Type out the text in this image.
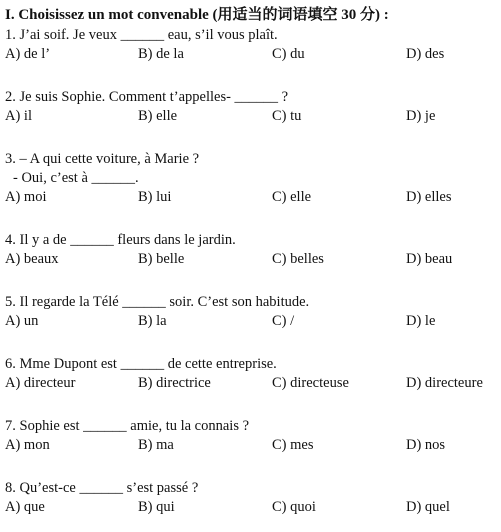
I. Choisissez un mot convenable (用适当的词语填空 30 分) :
1. J’ai soif. Je veux ______ eau, s’il vous plaît.
A) de l’	B) de la	C) du	D) des
2. Je suis Sophie. Comment t’appelles- ______ ?
A) il	B) elle	C) tu	D) je
3. – A qui cette voiture, à Marie ?
- Oui, c’est à ______.
A) moi	B) lui	C) elle	D) elles
4. Il y a de ______ fleurs dans le jardin.
A) beaux	B) belle	C) belles	D) beau
5. Il regarde la Télé ______ soir. C’est son habitude.
A) un	B) la	C) /	D) le
6. Mme Dupont est ______ de cette entreprise.
A) directeur	B) directrice	C) directeuse	D) directeure
7. Sophie est ______ amie, tu la connais ?
A) mon	B) ma	C) mes	D) nos
8. Qu’est-ce ______ s’est passé ?
A) que	B) qui	C) quoi	D) quel
